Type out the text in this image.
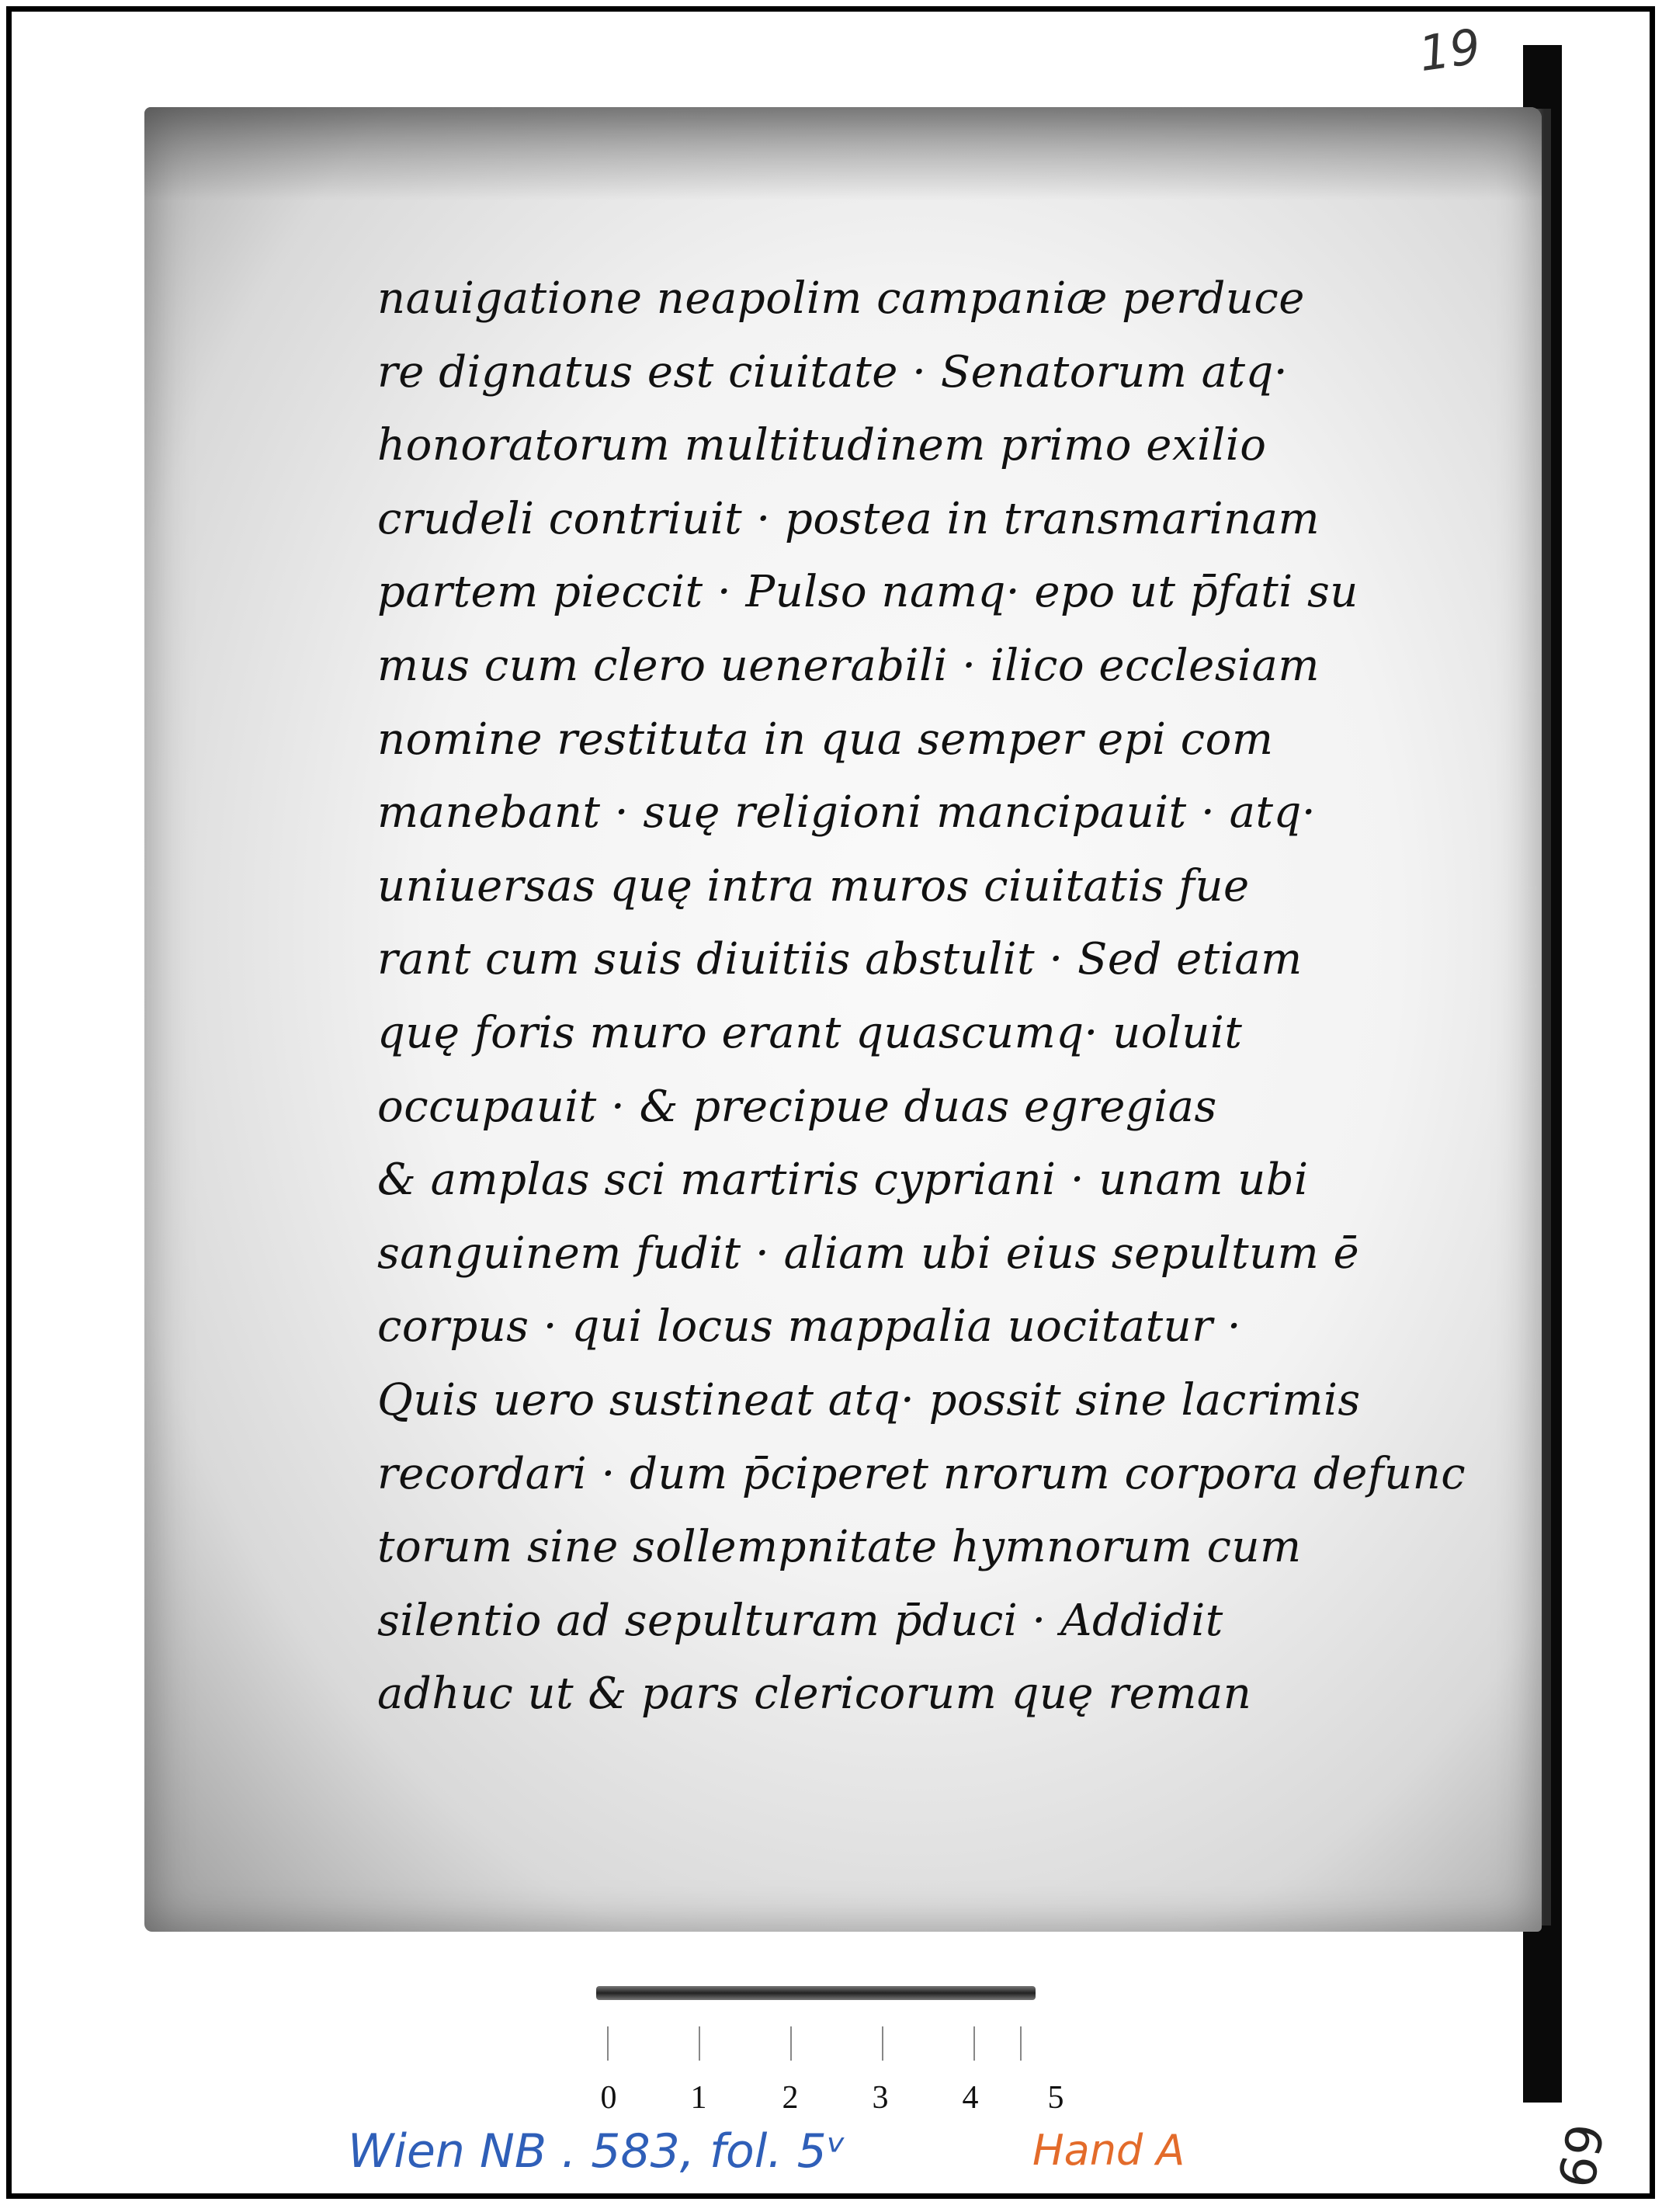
19
nauigatione neapolim campaniæ perduce
re dignatus est ciuitate · Senatorum atq·
honoratorum multitudinem primo exilio
crudeli contriuit · postea in transmarinam
partem pieccit · Pulso namq· epo ut p̄fati su
mus cum clero uenerabili · ilico ecclesiam
nomine restituta in qua semper epi com
manebant · suę religioni mancipauit · atq·
uniuersas quę intra muros ciuitatis fue
rant cum suis diuitiis abstulit · Sed etiam
quę foris muro erant quascumq· uoluit
occupauit · & precipue duas egregias
& amplas sci martiris cypriani · unam ubi
sanguinem fudit · aliam ubi eius sepultum ē
corpus · qui locus mappalia uocitatur ·
Quis uero sustineat atq· possit sine lacrimis
recordari · dum p̄ciperet nrorum corpora defunc
torum sine sollempnitate hymnorum cum
silentio ad sepulturam p̄duci · Addidit
adhuc ut & pars clericorum quę reman
0 1 2 3 4 5
Wien NB . 583, fol. 5ᵛ	Hand A	69
